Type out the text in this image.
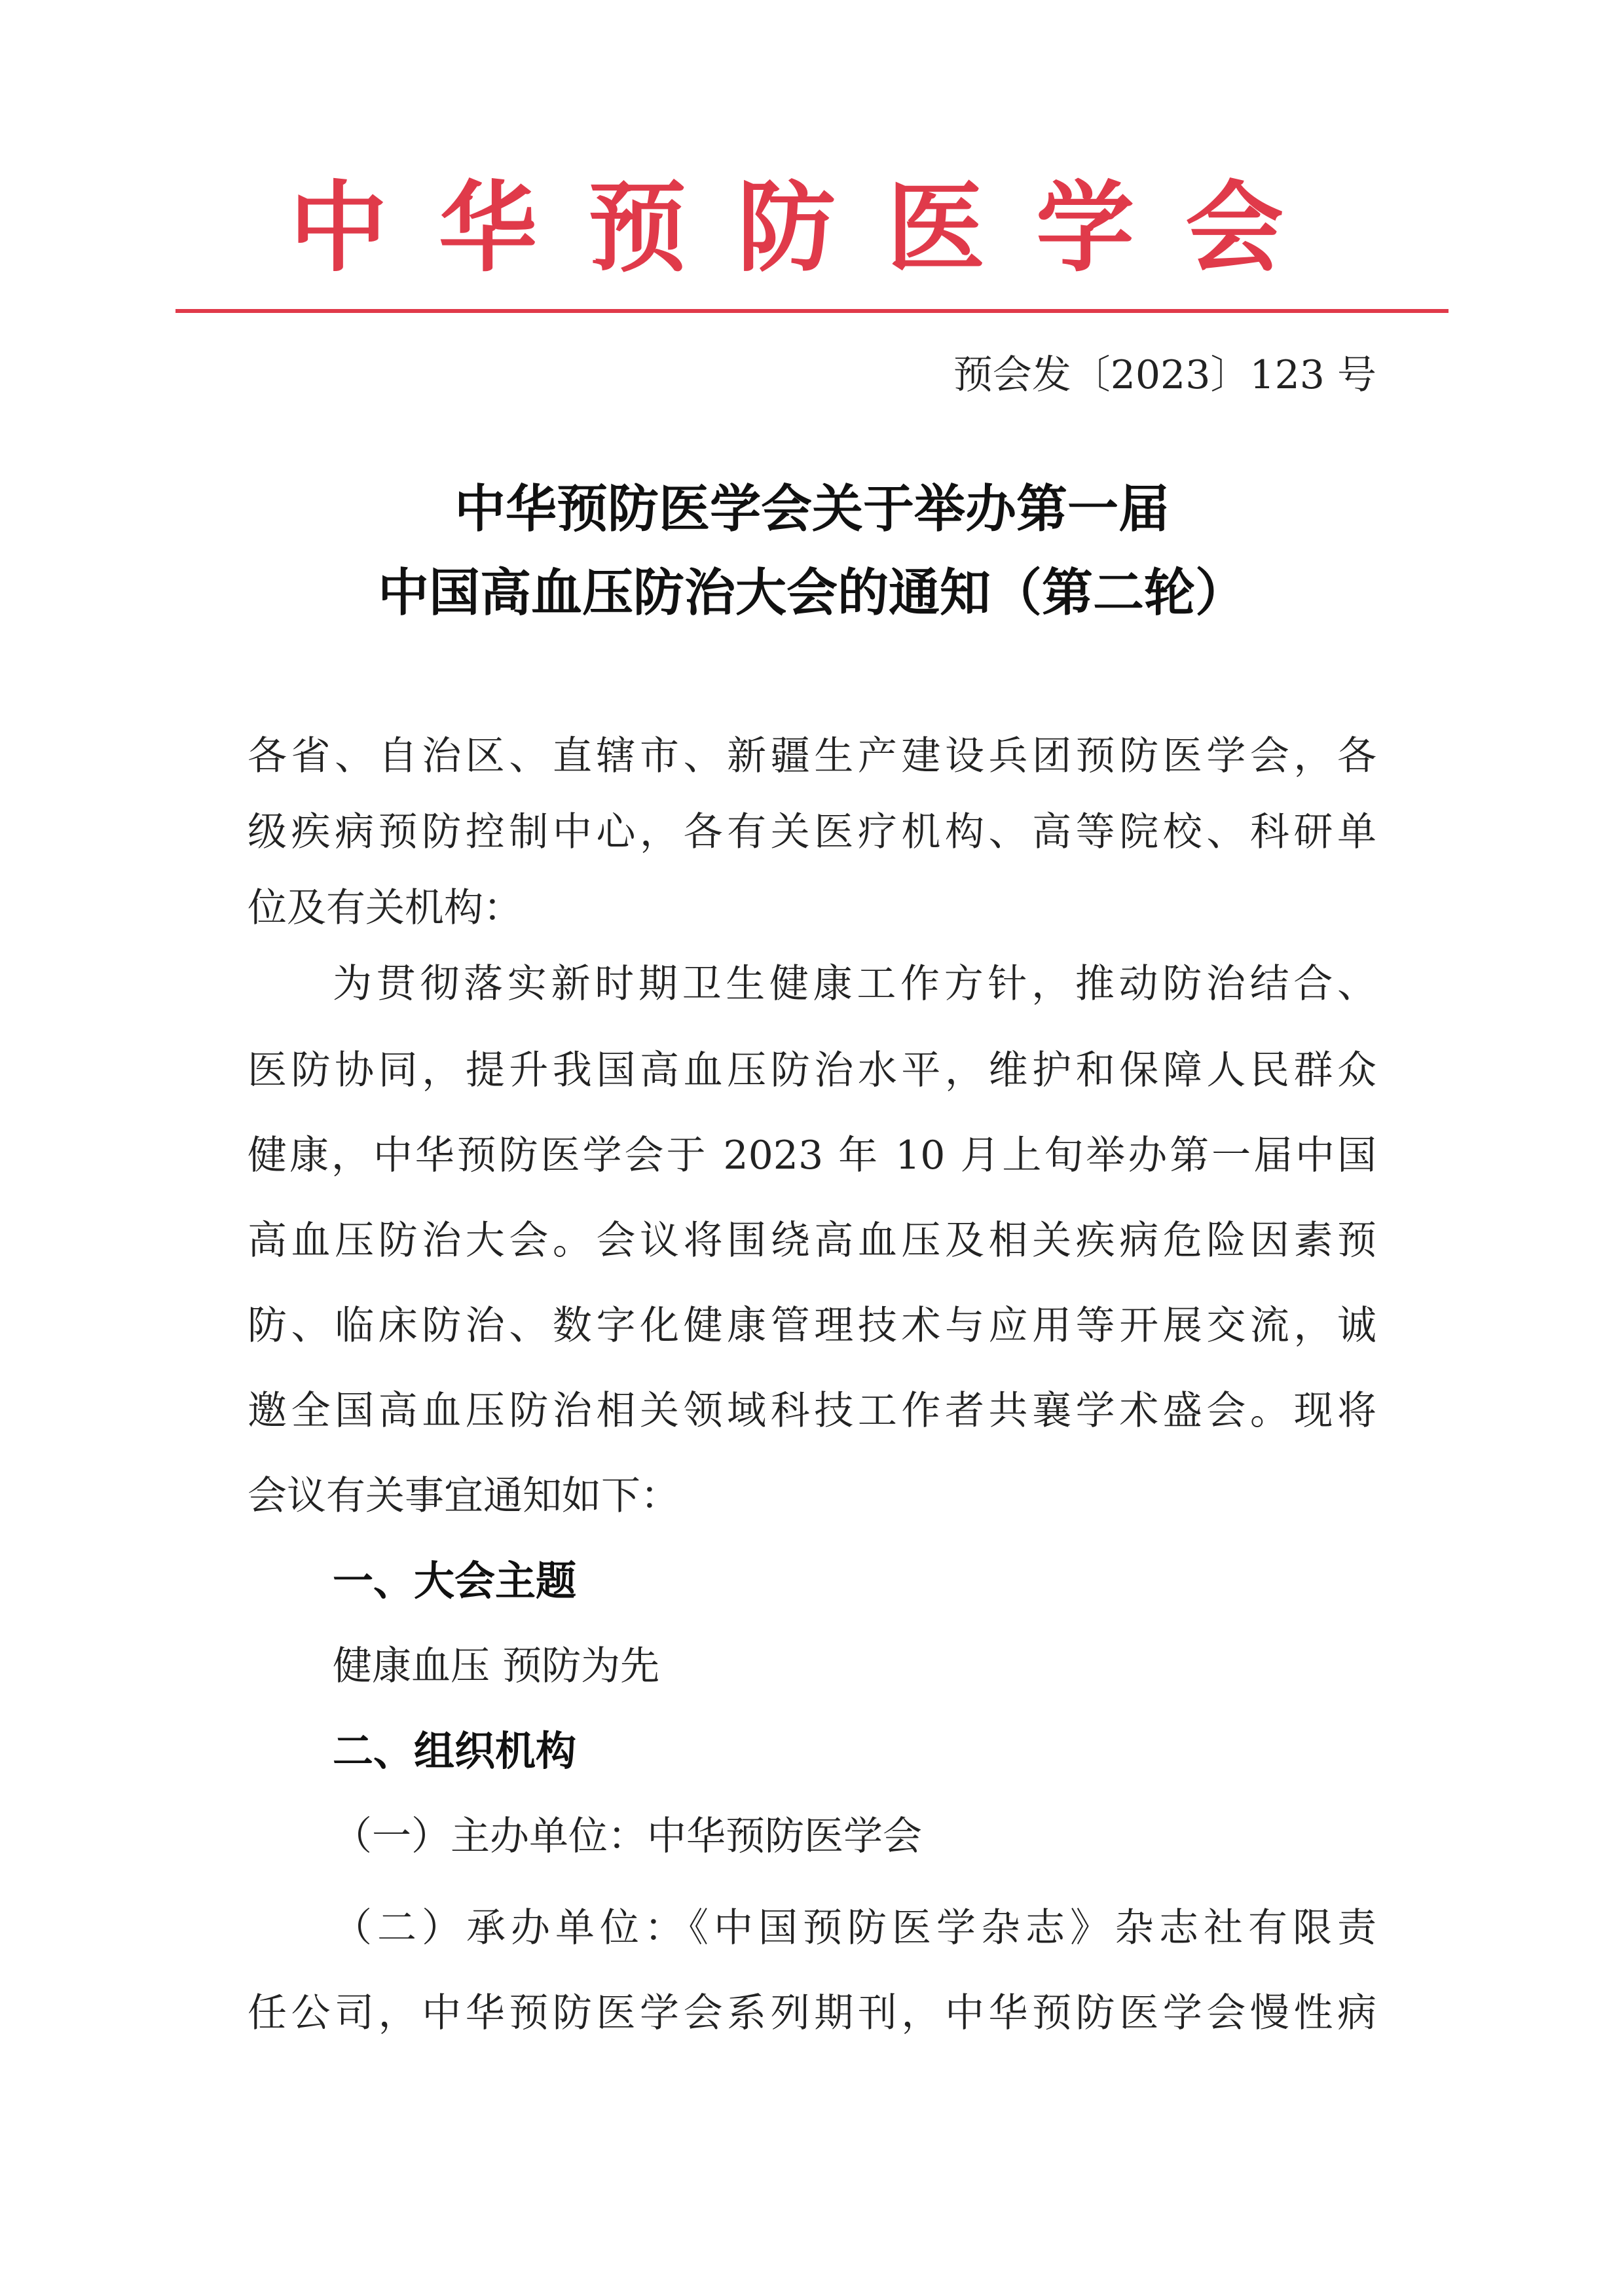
中华预防医学会
预会发〔2023〕123 号
中华预防医学会关于举办第一届
中国高血压防治大会的通知（第二轮）
各省、自治区、直辖市、新疆生产建设兵团预防医学会，各
级疾病预防控制中心，各有关医疗机构、高等院校、科研单
位及有关机构：
为贯彻落实新时期卫生健康工作方针，推动防治结合、
医防协同，提升我国高血压防治水平，维护和保障人民群众
健康，中华预防医学会于 2023 年 10 月上旬举办第一届中国
高血压防治大会。会议将围绕高血压及相关疾病危险因素预
防、临床防治、数字化健康管理技术与应用等开展交流，诚
邀全国高血压防治相关领域科技工作者共襄学术盛会。现将
会议有关事宜通知如下：
一、大会主题
健康血压 预防为先
二、组织机构
（一）主办单位：中华预防医学会
（二）承办单位：《中国预防医学杂志》杂志社有限责
任公司，中华预防医学会系列期刊，中华预防医学会慢性病
